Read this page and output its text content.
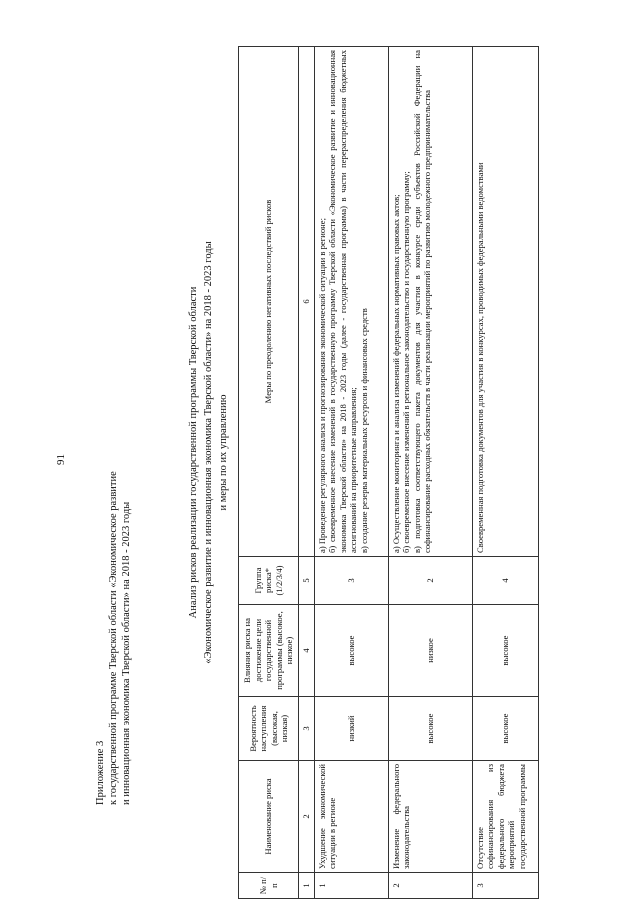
91
Приложение 3 к государственной программе Тверской области «Экономическое развитие и инновационная экономика Тверской области» на 2018 - 2023 годы
Анализ рисков реализации государственной программы Тверской области «Экономическое развитие и инновационная экономика Тверской области» на 2018 - 2023 годы и меры по их управлению
№ п/п	Наименование риска	Вероятность наступления (высокая, низкая)	Влияния риска на достижение цели государственной программы (высокое, низкое)	Группа риска* (1/2/3/4)	Меры по преодолению негативных последствий рисков
1	2	3	4	5	6
1	Ухудшение экономической ситуации в регионе	низкий	высокое	3	а) Проведение регулярного анализа и прогнозирования экономической ситуации в регионе; б) своевременное внесение изменений в государственную программу Тверской области «Экономическое развитие и инновационная экономика Тверской области» на 2018 - 2023 годы (далее - государственная программа) в части перераспределения бюджетных ассигнований на приоритетные направления; в) создание резерва материальных ресурсов и финансовых средств

2	Изменение федерального законодательства	высокое	низкое	2	а) Осуществление мониторинга и анализа изменений федеральных нормативных правовых актов; б) своевременное внесение изменений в региональное законодательство и государственную программу; в) подготовка соответствующего пакета документов для участия в конкурсе среди субъектов Российской Федерации на софинансирование расходных обязательств в части реализации мероприятий по развитию молодежного предпринимательства

3	Отсутствие софинансирования из федерального бюджета мероприятий государственной программы	высокое	высокое	4	Своевременная подготовка документов для участия в конкурсах, проводимых федеральными ведомствами
